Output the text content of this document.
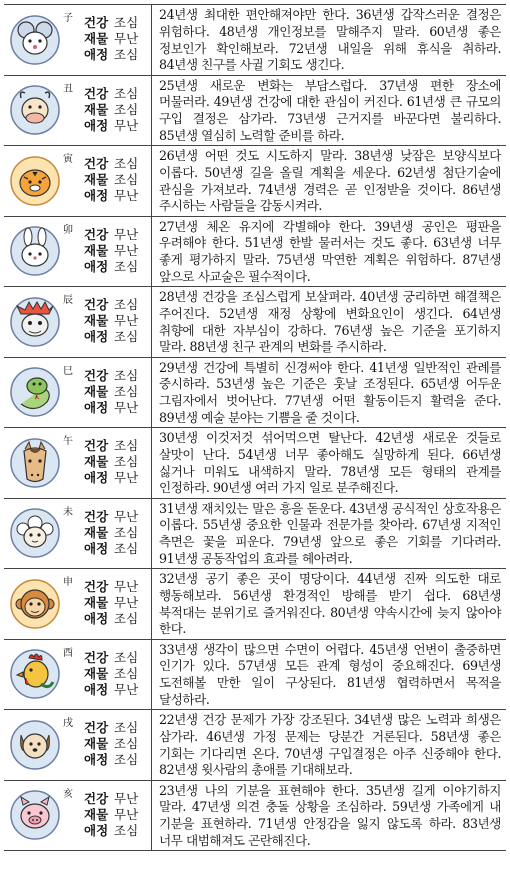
子 건강 조심
재물 무난
애정 조심
24년생 최대한 편안해져야만 한다. 36년생 갑작스러운 결정은 위험하다. 48년생 개인정보를 말해주지 말라. 60년생 좋은 정보인가 확인해보라. 72년생 내일을 위해 휴식을 취하라. 84년생 친구를 사귈 기회도 생긴다.
丑 건강 조심
재물 조심
애정 무난
25년생 새로운 변화는 부담스럽다. 37년생 편한 장소에 머물러라. 49년생 건강에 대한 관심이 커진다. 61년생 큰 규모의 구입 결정은 삼가라. 73년생 근거지를 바꾼다면 불리하다. 85년생 열심히 노력할 준비를 하라.
寅 건강 조심
재물 조심
애정 무난
26년생 어떤 것도 시도하지 말라. 38년생 낮잠은 보양식보다 이롭다. 50년생 길을 올릴 계획을 세운다. 62년생 첨단기술에 관심을 가져보라. 74년생 경력은 곧 인정받을 것이다. 86년생 주시하는 사람들을 감동시켜라.
卯 건강 무난
재물 무난
애정 조심
27년생 체온 유지에 각별해야 한다. 39년생 공인은 평판을 우려해야 한다. 51년생 한발 물러서는 것도 좋다. 63년생 너무 좋게 평가하지 말라. 75년생 막연한 계획은 위험하다. 87년생 앞으로 사교술은 필수적이다.
辰 건강 조심
재물 무난
애정 조심
28년생 건강을 조심스럽게 보살펴라. 40년생 궁리하면 해결책은 주어진다. 52년생 재정 상황에 변화요인이 생긴다. 64년생 취향에 대한 자부심이 강하다. 76년생 높은 기준을 포기하지 말라. 88년생 친구 관계의 변화를 주시하라.
巳 건강 조심
재물 조심
애정 무난
29년생 건강에 특별히 신경써야 한다. 41년생 일반적인 관례를 중시하라. 53년생 높은 기준은 훗날 조정된다. 65년생 어두운 그림자에서 벗어난다. 77년생 어떤 활동이든지 활력을 준다. 89년생 예술 분야는 기쁨을 줄 것이다.
午 건강 조심
재물 조심
애정 무난
30년생 이것저것 섞어먹으면 탈난다. 42년생 새로운 것들로 살맛이 난다. 54년생 너무 좋아해도 실망하게 된다. 66년생 싫거나 미워도 내색하지 말라. 78년생 모든 형태의 관계를 인정하라. 90년생 여러 가지 일로 분주해진다.
未 건강 무난
재물 조심
애정 조심
31년생 재치있는 말은 흥을 돋운다. 43년생 공식적인 상호작용은 이롭다. 55년생 중요한 인물과 전문가를 찾아라. 67년생 지적인 측면은 꽃을 피운다. 79년생 앞으로 좋은 기회를 기다려라. 91년생 공동작업의 효과를 헤아려라.
申 건강 무난
재물 무난
애정 조심
32년생 공기 좋은 곳이 명당이다. 44년생 진짜 의도한 대로 행동해보라. 56년생 환경적인 방해를 받기 쉽다. 68년생 북적대는 분위기로 즐거워진다. 80년생 약속시간에 늦지 않아야 한다.
酉 건강 조심
재물 조심
애정 무난
33년생 생각이 많으면 수면이 어렵다. 45년생 언변이 출중하면 인기가 있다. 57년생 모든 관계 형성이 중요해진다. 69년생 도전해볼 만한 일이 구상된다. 81년생 협력하면서 목적을 달성하라.
戌 건강 조심
재물 조심
애정 조심
22년생 건강 문제가 가장 강조된다. 34년생 많은 노력과 희생은 삼가라. 46년생 가정 문제는 당분간 거론된다. 58년생 좋은 기회는 기다리면 온다. 70년생 구입결정은 아주 신중해야 한다. 82년생 윗사람의 총애를 기대해보라.
亥 건강 무난
재물 무난
애정 조심
23년생 나의 기분을 표현해야 한다. 35년생 길게 이야기하지 말라. 47년생 의견 충돌 상황을 조심하라. 59년생 가족에게 내 기분을 표현하라. 71년생 안정감을 잃지 않도록 하라. 83년생 너무 대범해져도 곤란해진다.
